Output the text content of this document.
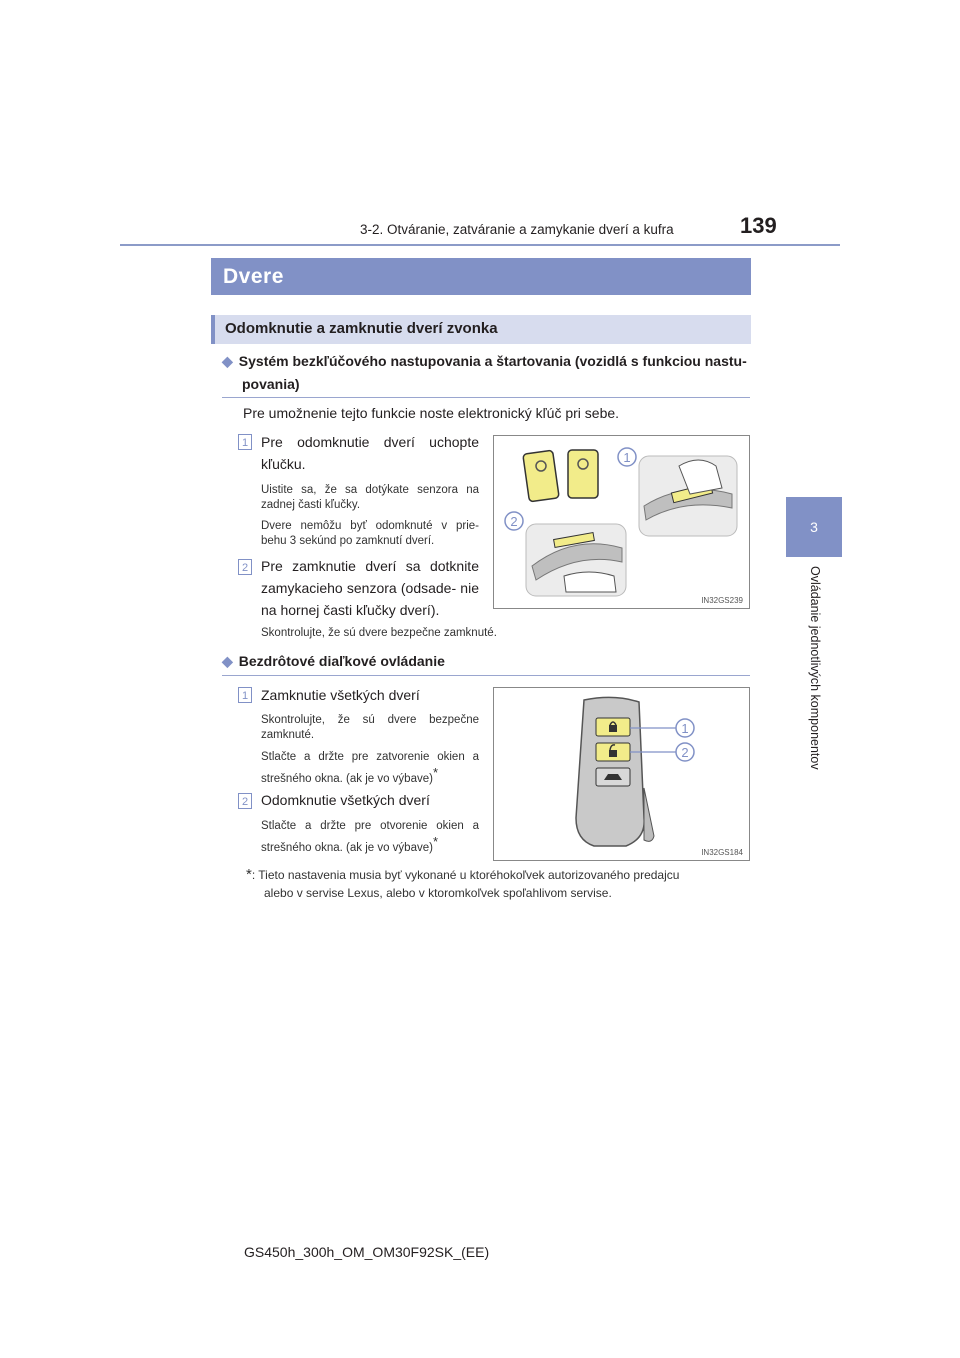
3-2. Otváranie, zatváranie a zamykanie dverí a kufra	139
3
Ovládanie jednotlivých komponentov
Dvere
Odomknutie a zamknutie dverí zvonka
◆ Systém bezkľúčového nastupovania a štartovania (vozidlá s funkciou nastu-
povania)
Pre umožnenie tejto funkcie noste elektronický kľúč pri sebe.
1 Pre odomknutie dverí uchopte kľučku.
Uistite sa, že sa dotýkate senzora na zadnej časti kľučky.
Dvere nemôžu byť odomknuté v prie- behu 3 sekúnd po zamknutí dverí.
2 Pre zamknutie dverí sa dotknite zamykacieho senzora (odsade- nie na hornej časti kľučky dverí).
Skontrolujte, že sú dvere bezpečne zamknuté.
1
2
IN32GS239
◆ Bezdrôtové diaľkové ovládanie
1 Zamknutie všetkých dverí
Skontrolujte, že sú dvere bezpečne zamknuté.
Stlačte a držte pre zatvorenie okien a strešného okna. (ak je vo výbave)*
2 Odomknutie všetkých dverí
Stlačte a držte pre otvorenie okien a strešného okna. (ak je vo výbave)*
1
2
IN32GS184
*: Tieto nastavenia musia byť vykonané u ktoréhokoľvek autorizovaného predajcu
alebo v servise Lexus, alebo v ktoromkoľvek spoľahlivom servise.
GS450h_300h_OM_OM30F92SK_(EE)
